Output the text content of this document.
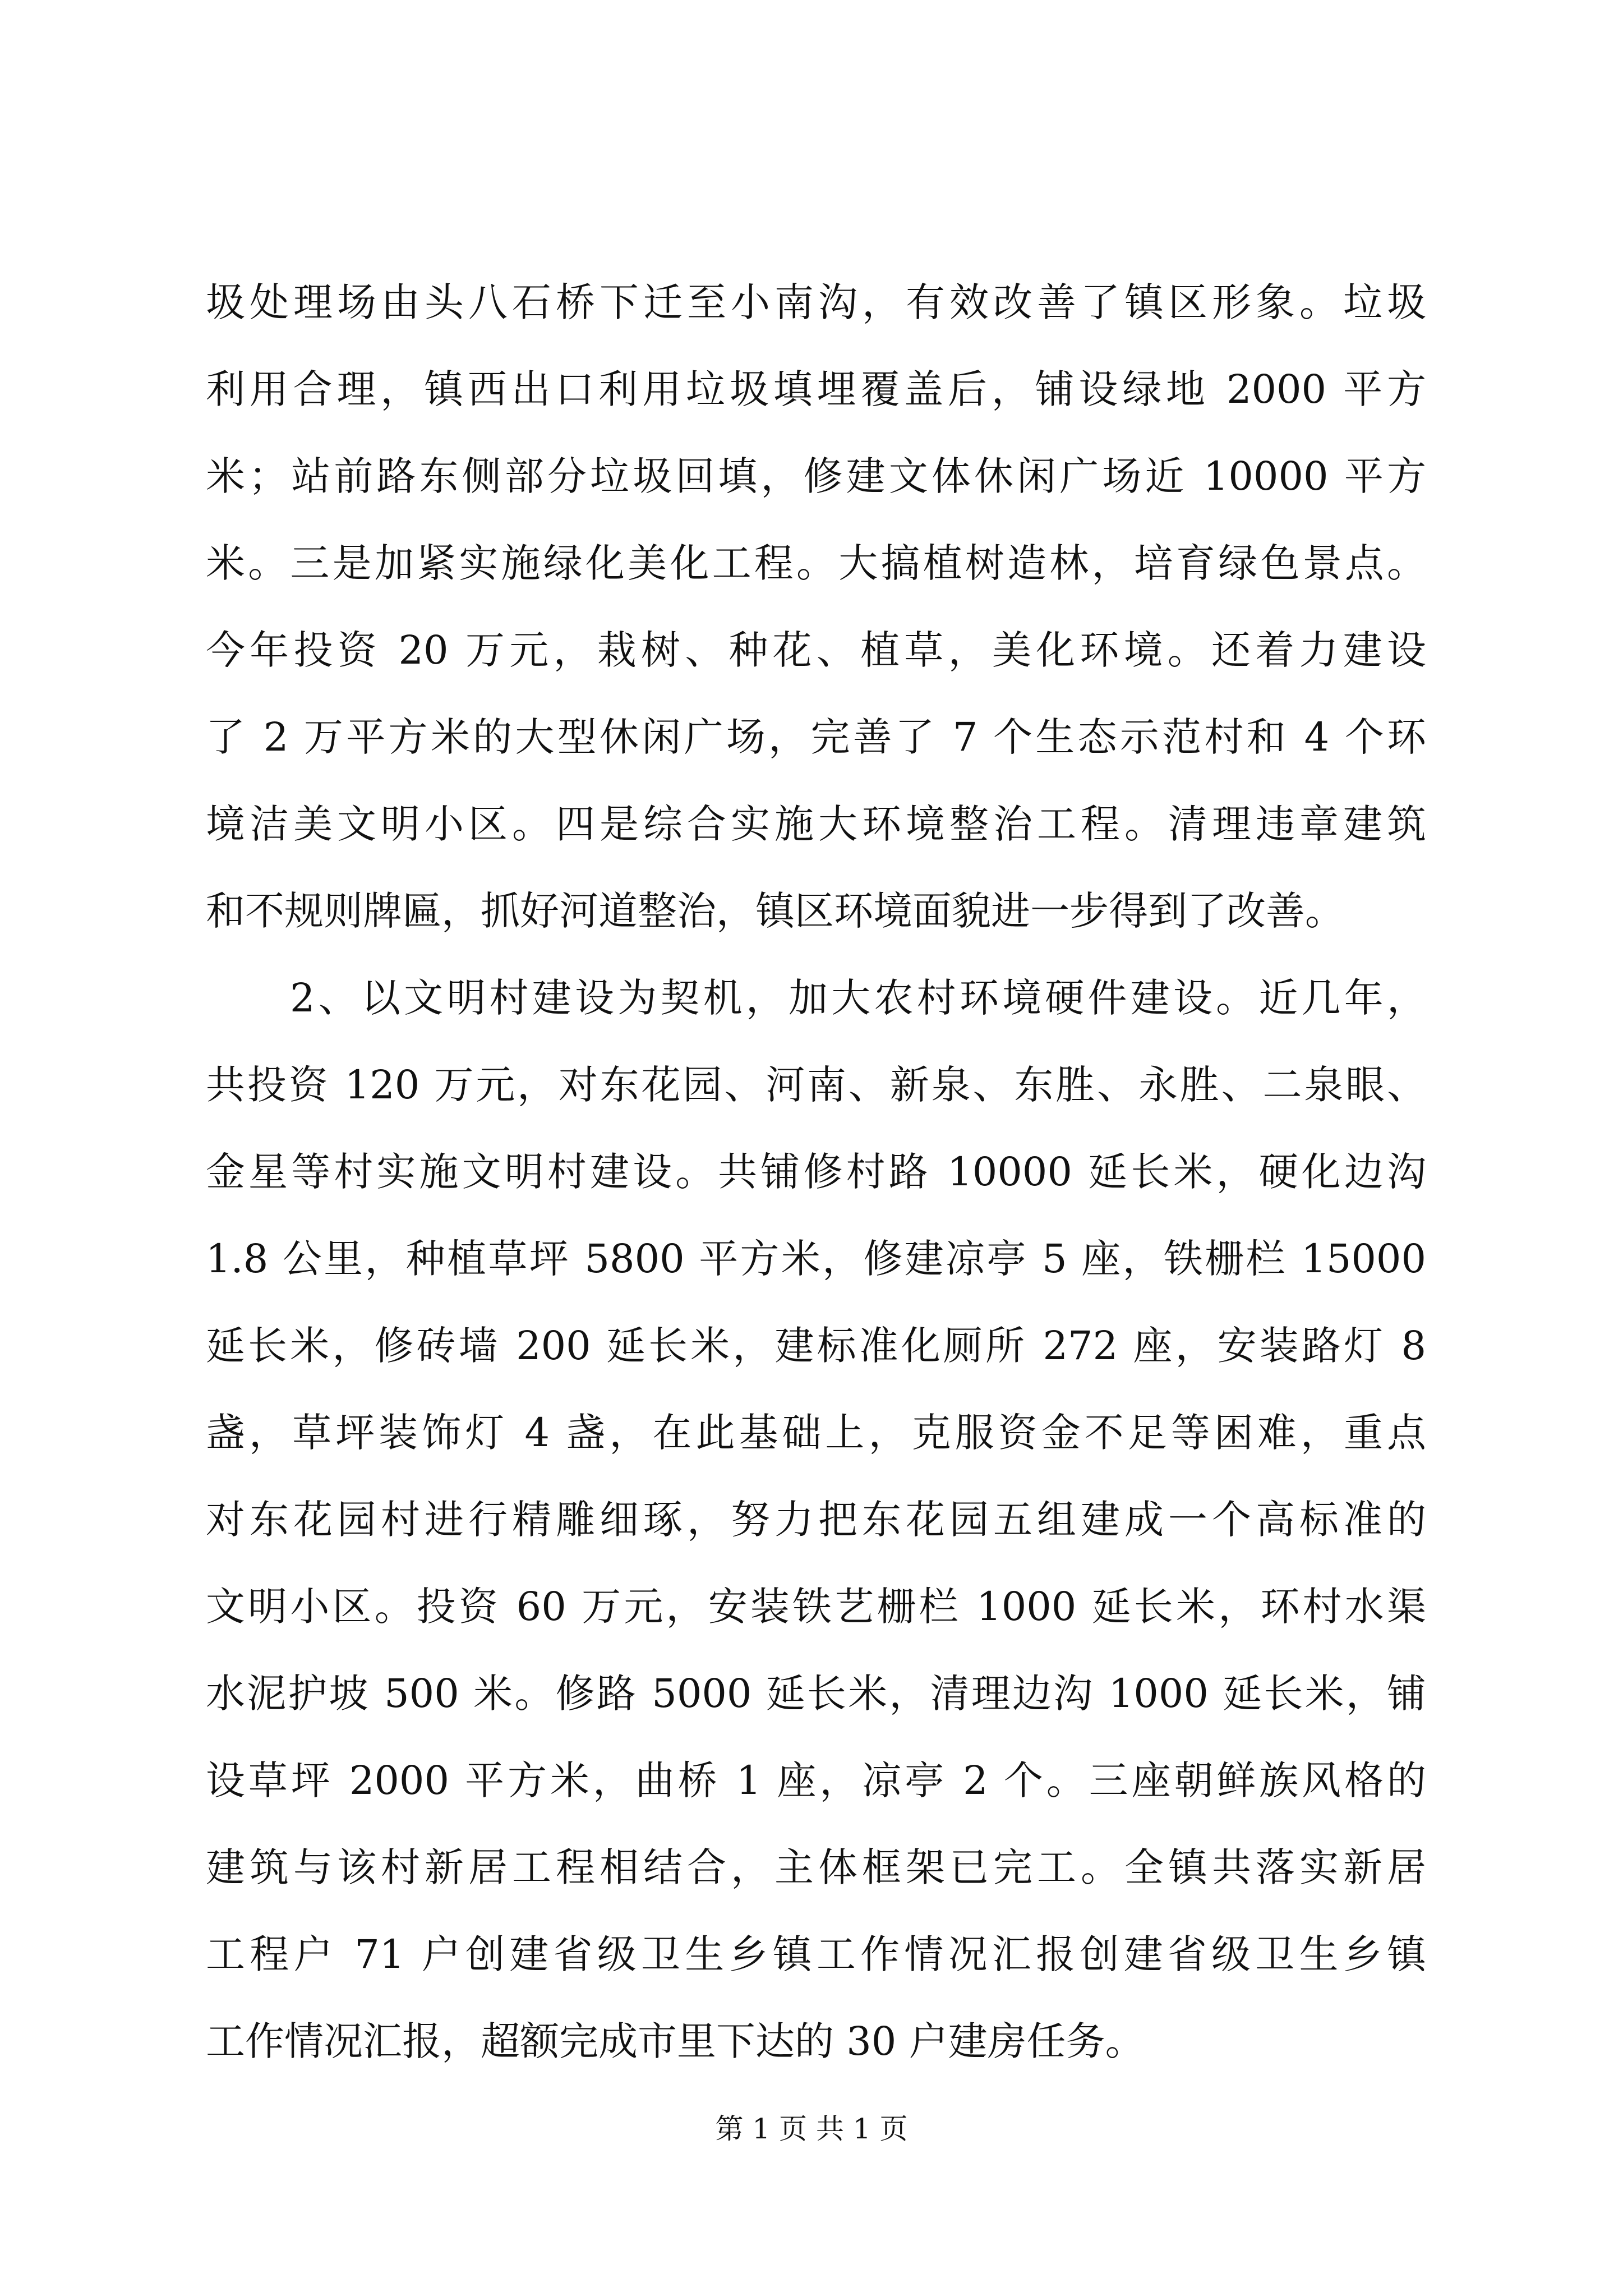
圾处理场由头八石桥下迁至小南沟，有效改善了镇区形象。垃圾
利用合理，镇西出口利用垃圾填埋覆盖后，铺设绿地 2000 平方
米；站前路东侧部分垃圾回填，修建文体休闲广场近 10000 平方
米。三是加紧实施绿化美化工程。大搞植树造林，培育绿色景点。
今年投资 20 万元，栽树、种花、植草，美化环境。还着力建设
了 2 万平方米的大型休闲广场，完善了 7 个生态示范村和 4 个环
境洁美文明小区。四是综合实施大环境整治工程。清理违章建筑
和不规则牌匾，抓好河道整治，镇区环境面貌进一步得到了改善。
2、以文明村建设为契机，加大农村环境硬件建设。近几年，
共投资 120 万元，对东花园、河南、新泉、东胜、永胜、二泉眼、
金星等村实施文明村建设。共铺修村路 10000 延长米，硬化边沟
1.8 公里，种植草坪 5800 平方米，修建凉亭 5 座，铁栅栏 15000
延长米，修砖墙 200 延长米，建标准化厕所 272 座，安装路灯 8
盏，草坪装饰灯 4 盏，在此基础上，克服资金不足等困难，重点
对东花园村进行精雕细琢，努力把东花园五组建成一个高标准的
文明小区。投资 60 万元，安装铁艺栅栏 1000 延长米，环村水渠
水泥护坡 500 米。修路 5000 延长米，清理边沟 1000 延长米，铺
设草坪 2000 平方米，曲桥 1 座，凉亭 2 个。三座朝鲜族风格的
建筑与该村新居工程相结合，主体框架已完工。全镇共落实新居
工程户 71 户创建省级卫生乡镇工作情况汇报创建省级卫生乡镇
工作情况汇报，超额完成市里下达的 30 户建房任务。
第 1 页 共 1 页
